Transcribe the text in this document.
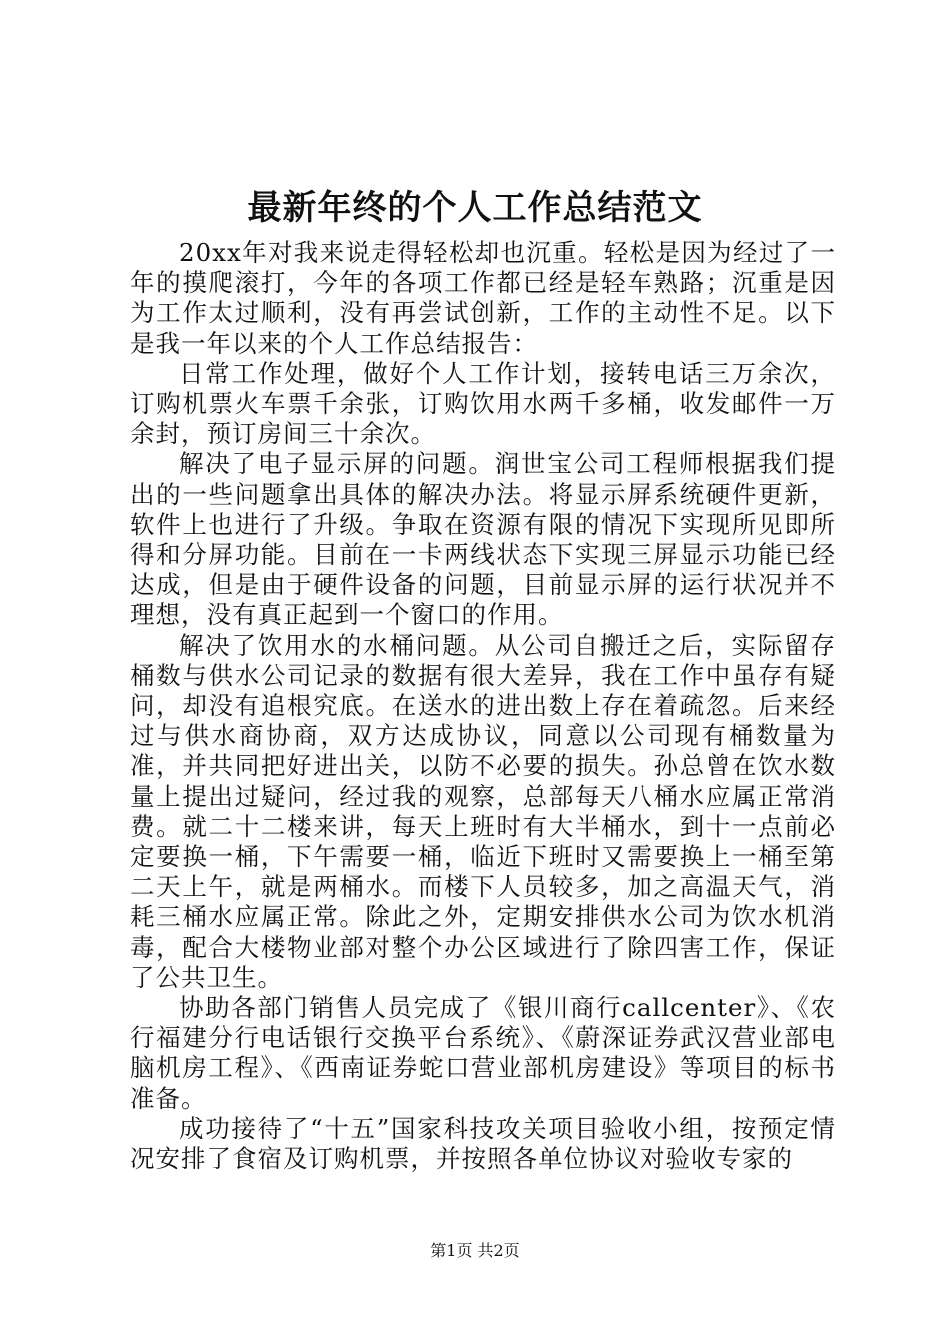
最新年终的个人工作总结范文

20xx年对我来说走得轻松却也沉重。轻松是因为经过了一年的摸爬滚打，今年的各项工作都已经是轻车熟路；沉重是因为工作太过顺利，没有再尝试创新，工作的主动性不足。以下是我一年以来的个人工作总结报告：

日常工作处理，做好个人工作计划，接转电话三万余次，订购机票火车票千余张，订购饮用水两千多桶，收发邮件一万余封，预订房间三十余次。

解决了电子显示屏的问题。润世宝公司工程师根据我们提出的一些问题拿出具体的解决办法。将显示屏系统硬件更新，软件上也进行了升级。争取在资源有限的情况下实现所见即所得和分屏功能。目前在一卡两线状态下实现三屏显示功能已经达成，但是由于硬件设备的问题，目前显示屏的运行状况并不理想，没有真正起到一个窗口的作用。

解决了饮用水的水桶问题。从公司自搬迁之后，实际留存桶数与供水公司记录的数据有很大差异，我在工作中虽存有疑问，却没有追根究底。在送水的进出数上存在着疏忽。后来经过与供水商协商，双方达成协议，同意以公司现有桶数量为准，并共同把好进出关，以防不必要的损失。孙总曾在饮水数量上提出过疑问，经过我的观察，总部每天八桶水应属正常消费。就二十二楼来讲，每天上班时有大半桶水，到十一点前必定要换一桶，下午需要一桶，临近下班时又需要换上一桶至第二天上午，就是两桶水。而楼下人员较多，加之高温天气，消耗三桶水应属正常。除此之外，定期安排供水公司为饮水机消毒，配合大楼物业部对整个办公区域进行了除四害工作，保证了公共卫生。

协助各部门销售人员完成了《银川商行callcenter》、《农行福建分行电话银行交换平台系统》、《蔚深证券武汉营业部电脑机房工程》、《西南证券蛇口营业部机房建设》等项目的标书准备。

成功接待了“十五”国家科技攻关项目验收小组，按预定情况安排了食宿及订购机票，并按照各单位协议对验收专家的

第1页 共2页
